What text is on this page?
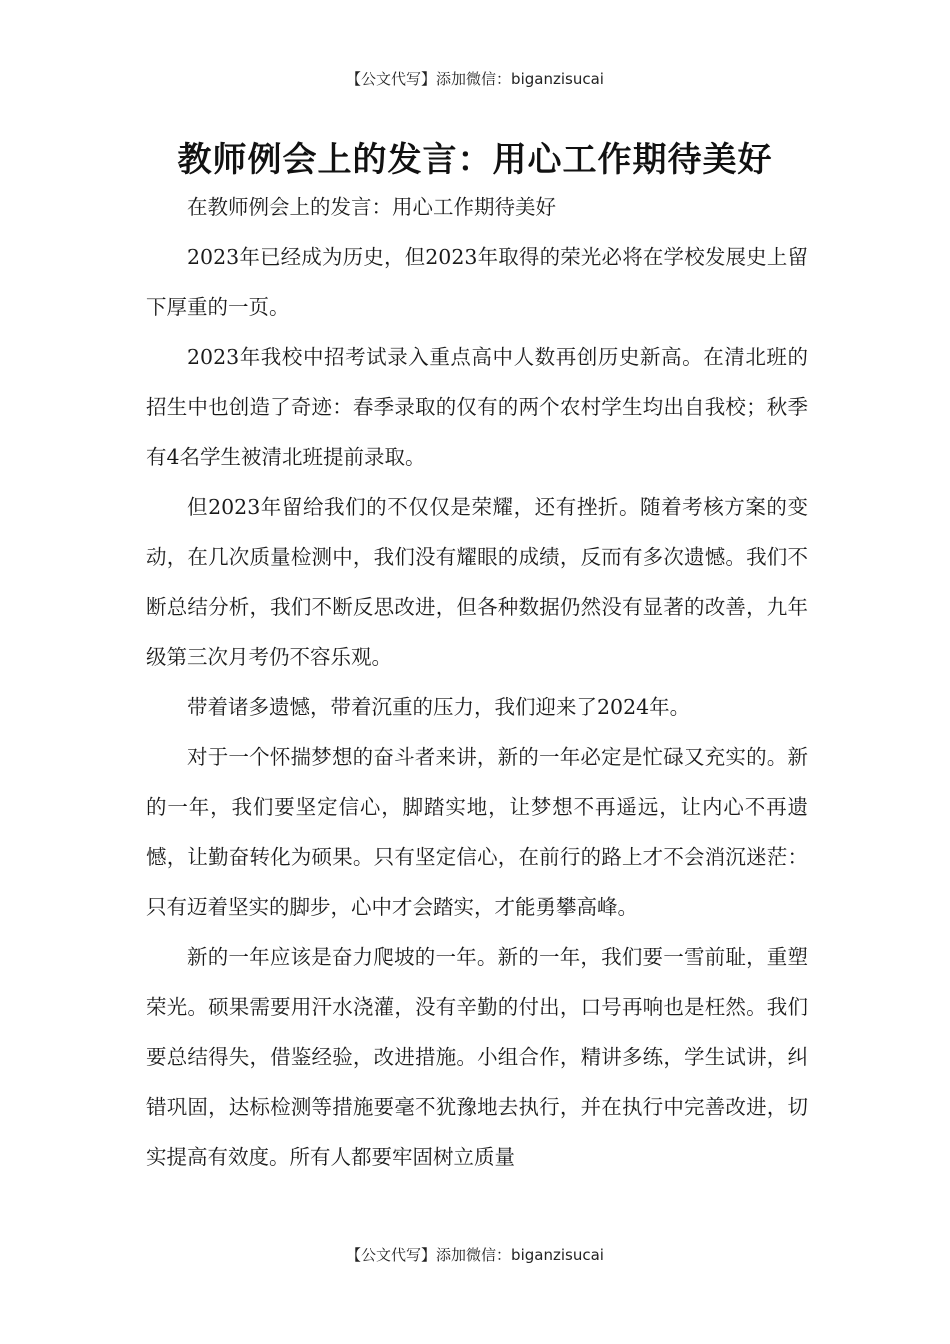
【公文代写】添加微信：biganzisucai
教师例会上的发言：用心工作期待美好

在教师例会上的发言：用心工作期待美好

2023年已经成为历史，但2023年取得的荣光必将在学校发展史上留下厚重的一页。

2023年我校中招考试录入重点高中人数再创历史新高。在清北班的招生中也创造了奇迹：春季录取的仅有的两个农村学生均出自我校；秋季有4名学生被清北班提前录取。

但2023年留给我们的不仅仅是荣耀，还有挫折。随着考核方案的变动，在几次质量检测中，我们没有耀眼的成绩，反而有多次遗憾。我们不断总结分析，我们不断反思改进，但各种数据仍然没有显著的改善，九年级第三次月考仍不容乐观。

带着诸多遗憾，带着沉重的压力，我们迎来了2024年。

对于一个怀揣梦想的奋斗者来讲，新的一年必定是忙碌又充实的。新的一年，我们要坚定信心，脚踏实地，让梦想不再遥远，让内心不再遗憾，让勤奋转化为硕果。只有坚定信心，在前行的路上才不会消沉迷茫：只有迈着坚实的脚步，心中才会踏实，才能勇攀高峰。

新的一年应该是奋力爬坡的一年。新的一年，我们要一雪前耻，重塑荣光。硕果需要用汗水浇灌，没有辛勤的付出，口号再响也是枉然。我们要总结得失，借鉴经验，改进措施。小组合作，精讲多练，学生试讲，纠错巩固，达标检测等措施要毫不犹豫地去执行，并在执行中完善改进，切实提高有效度。所有人都要牢固树立质量

【公文代写】添加微信：biganzisucai
